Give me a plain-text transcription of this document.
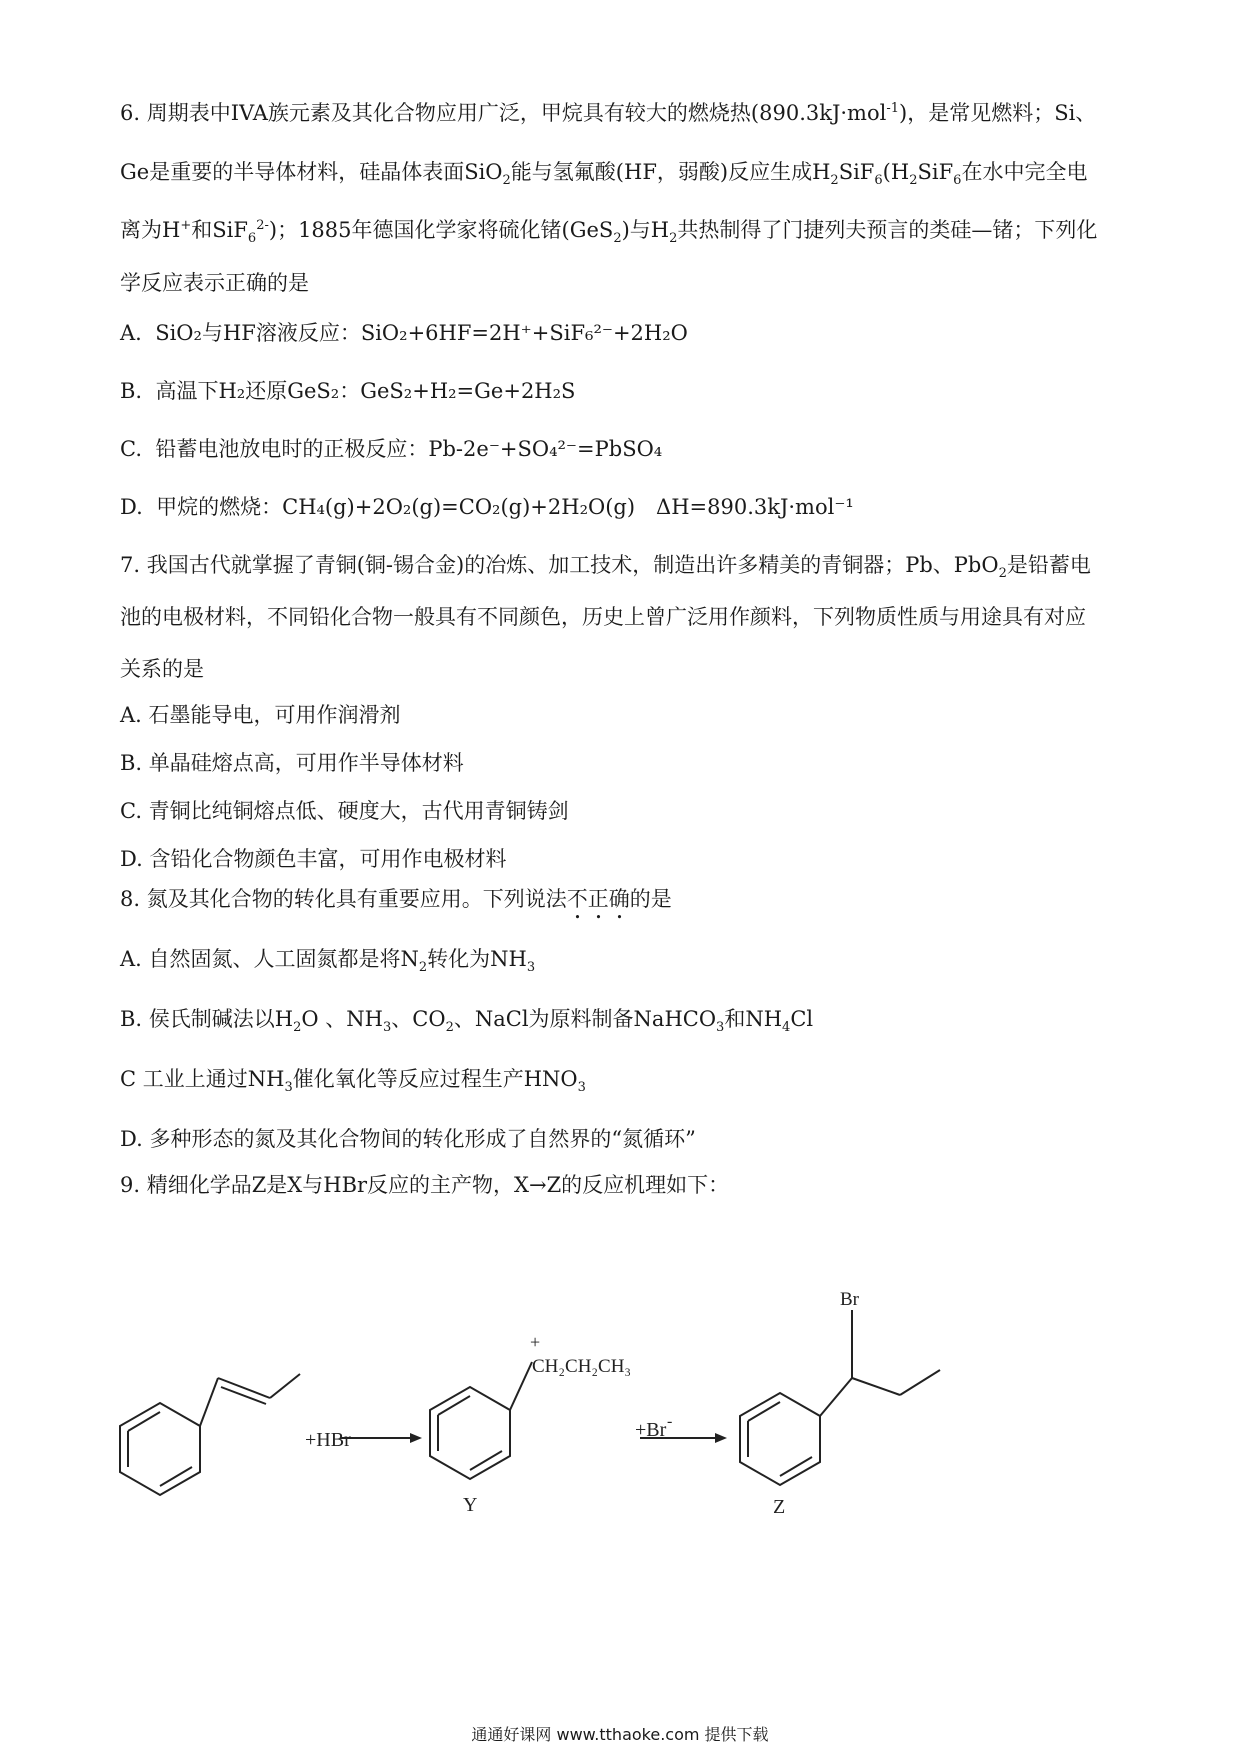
6. 周期表中IVA族元素及其化合物应用广泛，甲烷具有较大的燃烧热(890.3kJ·mol$^{-1}$)，是常见燃料；Si、
Ge是重要的半导体材料，硅晶体表面SiO$_2$能与氢氟酸(HF，弱酸)反应生成$H_2SiF_6(H_2SiF_6$在水中完全电
离为H+和SiF$_6^{2-}$)；1885年德国化学家将硫化锗(GeS$_2$)与$H_2$共热制得了门捷列夫预言的类硅—锗；下列化
学反应表示正确的是
A. SiO₂与HF溶液反应：SiO₂+6HF=2H⁺+SiF₆²⁻+2H₂O
B. 高温下H₂还原GeS₂：GeS₂+H₂=Ge+2H₂S
C. 铅蓄电池放电时的正极反应：Pb-2e⁻+SO₄²⁻=PbSO₄
D. 甲烷的燃烧：CH₄(g)+2O₂(g)=CO₂(g)+2H₂O(g)　ΔH=890.3kJ·mol⁻¹
7. 我国古代就掌握了青铜(铜-锡合金)的冶炼、加工技术，制造出许多精美的青铜器；Pb、PbO$_2$是铅蓄电
池的电极材料，不同铅化合物一般具有不同颜色，历史上曾广泛用作颜料，下列物质性质与用途具有对应
关系的是
A. 石墨能导电，可用作润滑剂
B. 单晶硅熔点高，可用作半导体材料
C. 青铜比纯铜熔点低、硬度大，古代用青铜铸剑
D. 含铅化合物颜色丰富，可用作电极材料
8. 氮及其化合物的转化具有重要应用。下列说法不正确的是
A. 自然固氮、人工固氮都是将$N_2$转化为$NH_3$
B. 侯氏制碱法以$H_2O$ 、$NH_3$、$CO_2$、NaCl为原料制备NaHCO$_3$和$NH_4Cl$
C 工业上通过$NH_3$催化氧化等反应过程生产$HNO_3$
D. 多种形态的氮及其化合物间的转化形成了自然界的“氮循环”
9. 精细化学品Z是X与HBr反应的主产物，X→Z的反应机理如下：
+HBr
+
CH₂CH₂CH₃
Y
+Br -
Br
Z
通通好课网 www.tthaoke.com 提供下载
